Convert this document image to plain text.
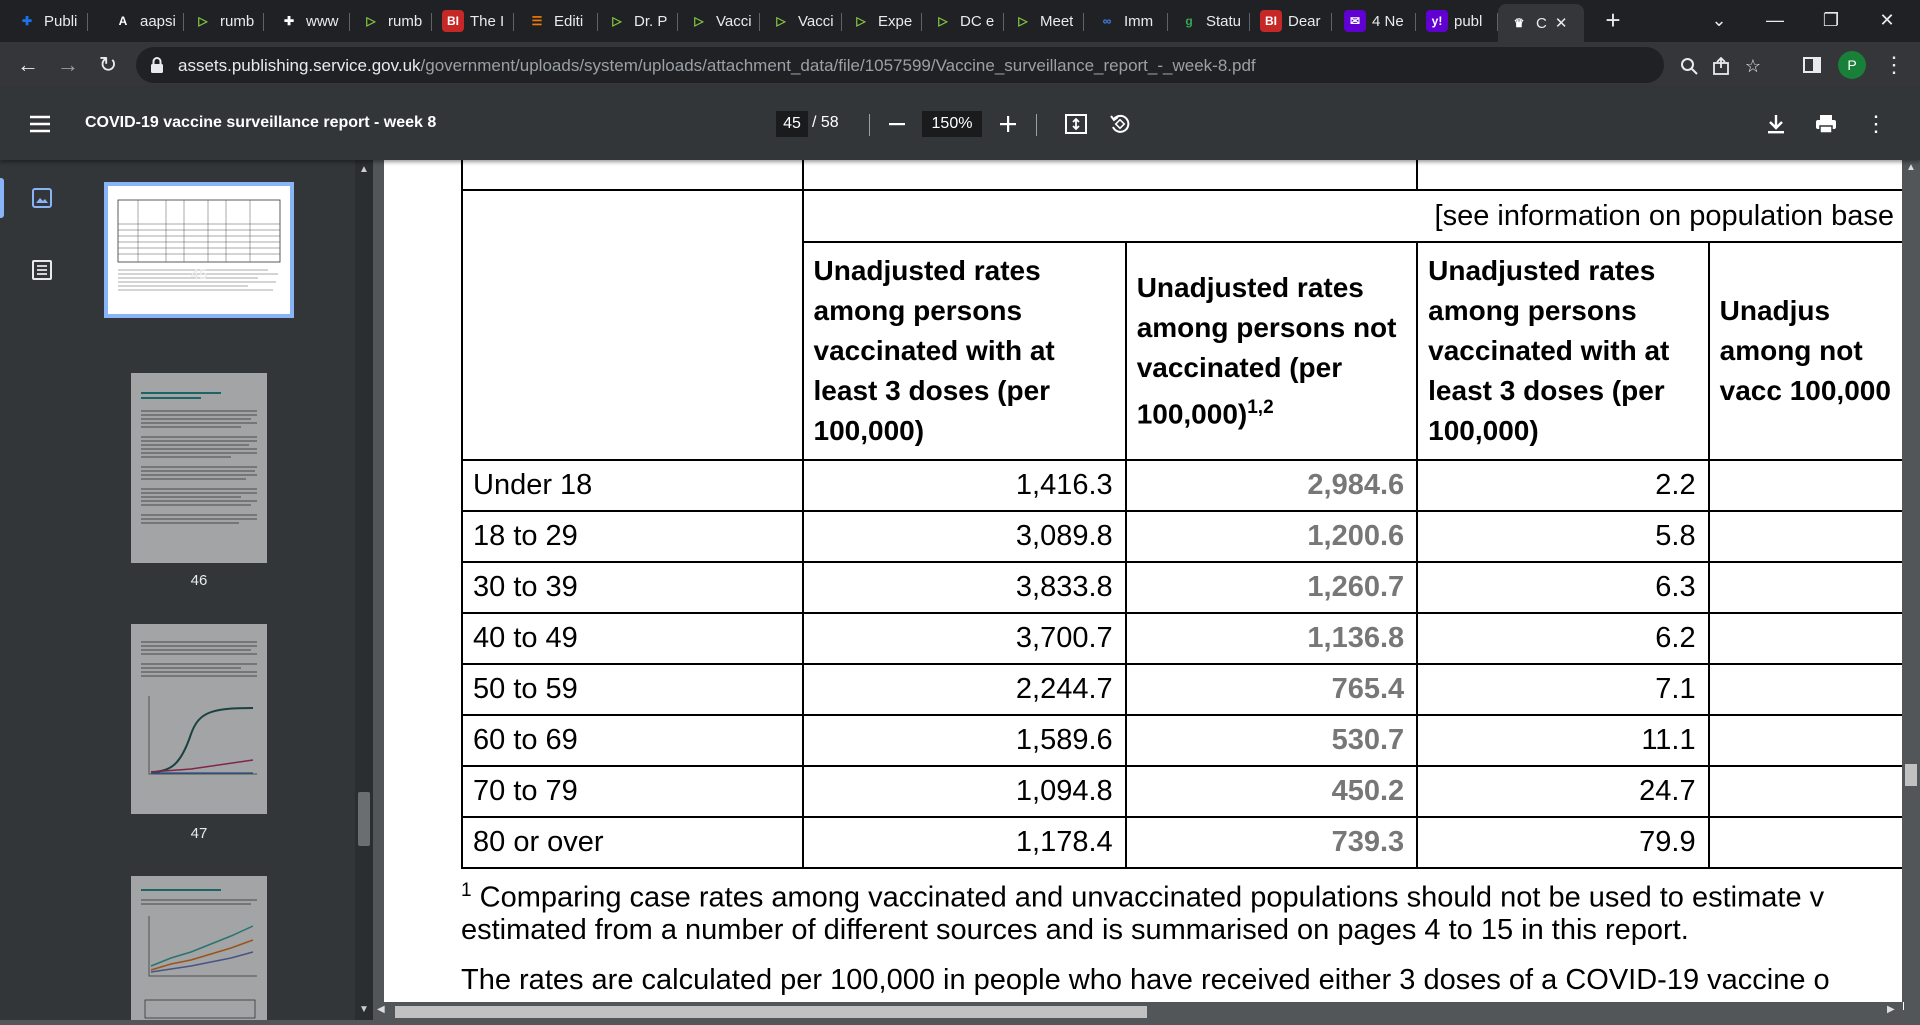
✚ Publi	A aapsi	▷ rumb	✚ www	▷ rumb	BI The I	☰ Editi	▷ Dr. P	▷ Vacci	▷ Vacci	▷ Expe	▷ DC e	▷ Meet	∞ Imm	g Statu	BI Dear	✉ 4 Ne	y! publ	♛ C ✕ +	⌄	—	❐	✕
← → ↻	assets.publishing.service.gov.uk/government/uploads/system/uploads/attachment_data/file/1057599/Vaccine_surveillance_report_-_week-8.pdf	☆	P	⋮
COVID-19 vaccine surveillance report - week 8	45 / 58	150%	⋮
45
46
47
▲
▼

	[see information on population base			
	Unadjusted rates among persons vaccinated with at least 3 doses (per 100,000)	Unadjusted rates among persons not vaccinated (per 100,000)$^{1,2}$	Unadjusted rates among persons vaccinated with at least 3 doses (per 100,000)	Unadjus among not vacc 100,000
Under 18	1,416.3	2,984.6	2.2	
18 to 29	3,089.8	1,200.6	5.8	
30 to 39	3,833.8	1,260.7	6.3	
40 to 49	3,700.7	1,136.8	6.2	
50 to 59	2,244.7	765.4	7.1	
60 to 69	1,589.6	530.7	11.1	
70 to 79	1,094.8	450.2	24.7	
80 or over	1,178.4	739.3	79.9	
$^1$ Comparing case rates among vaccinated and unvaccinated populations should not be used to estimate v
estimated from a number of different sources and is summarised on pages 4 to 15 in this report.
The rates are calculated per 100,000 in people who have received either 3 doses of a COVID-19 vaccine o
▲
◀	▶
